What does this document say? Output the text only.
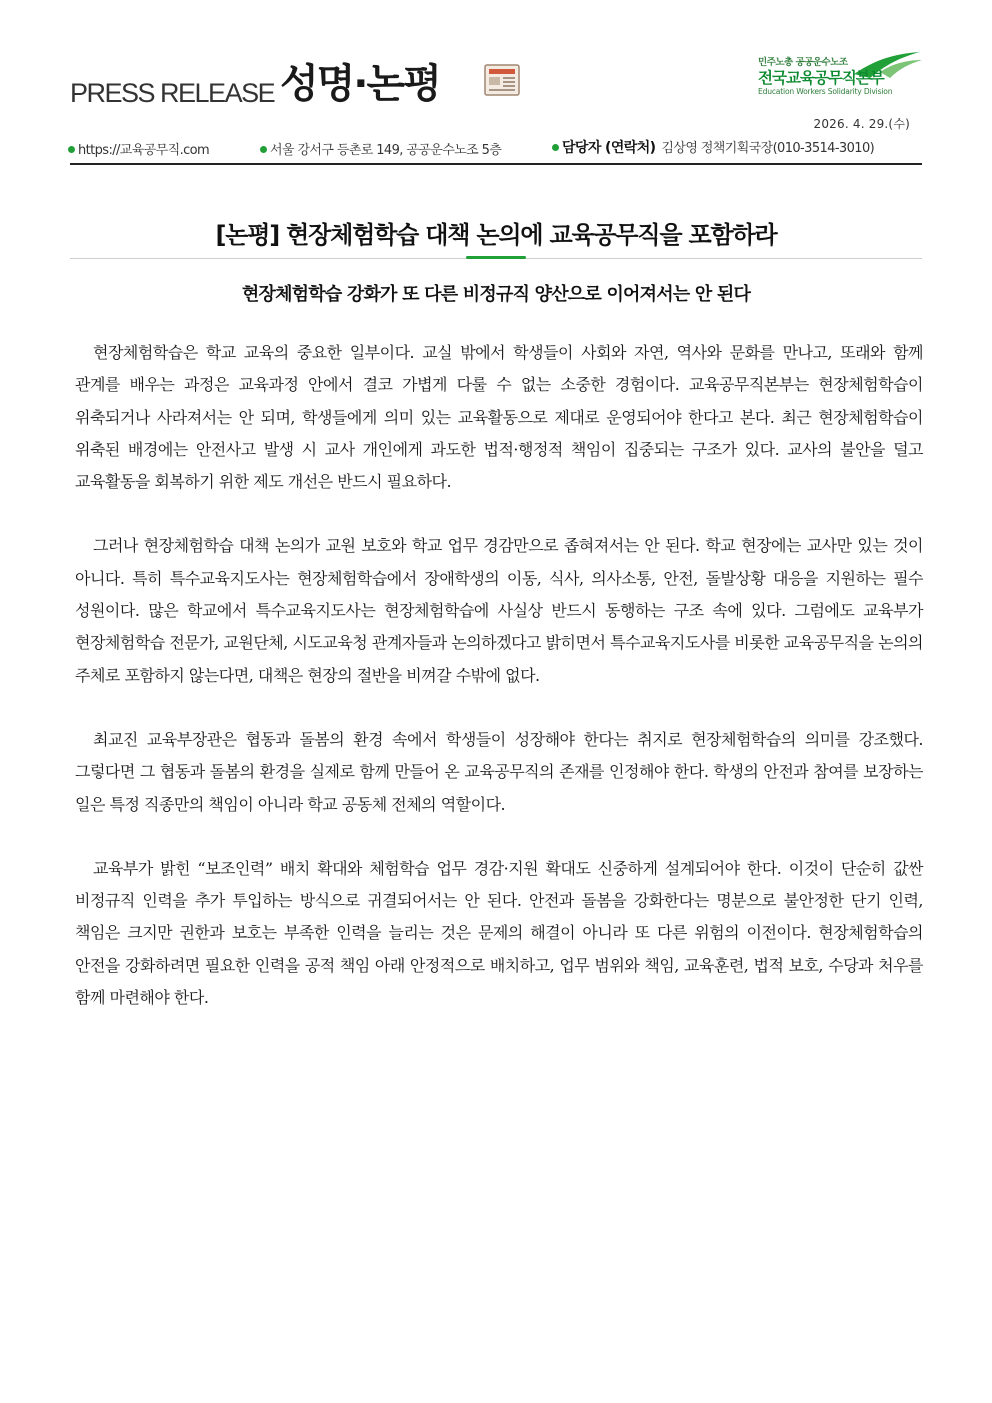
PRESS RELEASE 성명·논평	민주노총 공공운수노조
전국교육공무직본부
Education Workers Solidarity Division
2026. 4. 29.(수)
https://교육공무직.com	서울 강서구 등촌로 149, 공공운수노조 5층	담당자 (연락처) 김상영 정책기획국장(010-3514-3010)
[논평] 현장체험학습 대책 논의에 교육공무직을 포함하라
현장체험학습 강화가 또 다른 비정규직 양산으로 이어져서는 안 된다

현장체험학습은 학교 교육의 중요한 일부이다. 교실 밖에서 학생들이 사회와 자연, 역사와 문화를 만나고, 또래와 함께 관계를 배우는 과정은 교육과정 안에서 결코 가볍게 다룰 수 없는 소중한 경험이다. 교육공무직본부는 현장체험학습이 위축되거나 사라져서는 안 되며, 학생들에게 의미 있는 교육활동으로 제대로 운영되어야 한다고 본다. 최근 현장체험학습이 위축된 배경에는 안전사고 발생 시 교사 개인에게 과도한 법적·행정적 책임이 집중되는 구조가 있다. 교사의 불안을 덜고 교육활동을 회복하기 위한 제도 개선은 반드시 필요하다.

그러나 현장체험학습 대책 논의가 교원 보호와 학교 업무 경감만으로 좁혀져서는 안 된다. 학교 현장에는 교사만 있는 것이 아니다. 특히 특수교육지도사는 현장체험학습에서 장애학생의 이동, 식사, 의사소통, 안전, 돌발상황 대응을 지원하는 필수 성원이다. 많은 학교에서 특수교육지도사는 현장체험학습에 사실상 반드시 동행하는 구조 속에 있다. 그럼에도 교육부가 현장체험학습 전문가, 교원단체, 시도교육청 관계자들과 논의하겠다고 밝히면서 특수교육지도사를 비롯한 교육공무직을 논의의 주체로 포함하지 않는다면, 대책은 현장의 절반을 비껴갈 수밖에 없다.

최교진 교육부장관은 협동과 돌봄의 환경 속에서 학생들이 성장해야 한다는 취지로 현장체험학습의 의미를 강조했다. 그렇다면 그 협동과 돌봄의 환경을 실제로 함께 만들어 온 교육공무직의 존재를 인정해야 한다. 학생의 안전과 참여를 보장하는 일은 특정 직종만의 책임이 아니라 학교 공동체 전체의 역할이다.

교육부가 밝힌 “보조인력” 배치 확대와 체험학습 업무 경감·지원 확대도 신중하게 설계되어야 한다. 이것이 단순히 값싼 비정규직 인력을 추가 투입하는 방식으로 귀결되어서는 안 된다. 안전과 돌봄을 강화한다는 명분으로 불안정한 단기 인력, 책임은 크지만 권한과 보호는 부족한 인력을 늘리는 것은 문제의 해결이 아니라 또 다른 위험의 이전이다. 현장체험학습의 안전을 강화하려면 필요한 인력을 공적 책임 아래 안정적으로 배치하고, 업무 범위와 책임, 교육훈련, 법적 보호, 수당과 처우를 함께 마련해야 한다.
